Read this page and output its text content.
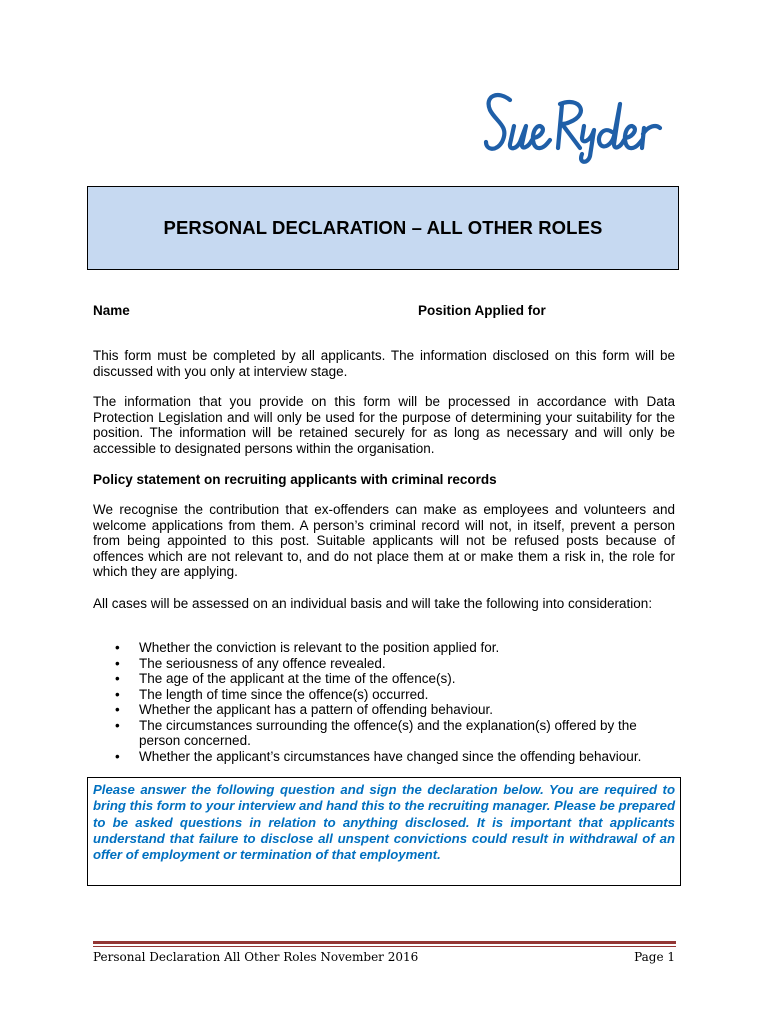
PERSONAL DECLARATION – ALL OTHER ROLES
Name	Position Applied for

This form must be completed by all applicants. The information disclosed on this form will be discussed with you only at interview stage.

The information that you provide on this form will be processed in accordance with Data Protection Legislation and will only be used for the purpose of determining your suitability for the position. The information will be retained securely for as long as necessary and will only be accessible to designated persons within the organisation.

Policy statement on recruiting applicants with criminal records

We recognise the contribution that ex-offenders can make as employees and volunteers and welcome applications from them. A person’s criminal record will not, in itself, prevent a person from being appointed to this post. Suitable applicants will not be refused posts because of offences which are not relevant to, and do not place them at or make them a risk in, the role for which they are applying.

All cases will be assessed on an individual basis and will take the following into consideration:

• Whether the conviction is relevant to the position applied for.
• The seriousness of any offence revealed.
• The age of the applicant at the time of the offence(s).
• The length of time since the offence(s) occurred.
• Whether the applicant has a pattern of offending behaviour.
• The circumstances surrounding the offence(s) and the explanation(s) offered by the person concerned.
• Whether the applicant’s circumstances have changed since the offending behaviour.

Please answer the following question and sign the declaration below. You are required to bring this form to your interview and hand this to the recruiting manager. Please be prepared to be asked questions in relation to anything disclosed. It is important that applicants understand that failure to disclose all unspent convictions could result in withdrawal of an offer of employment or termination of that employment.

Personal Declaration All Other Roles November 2016	Page 1
